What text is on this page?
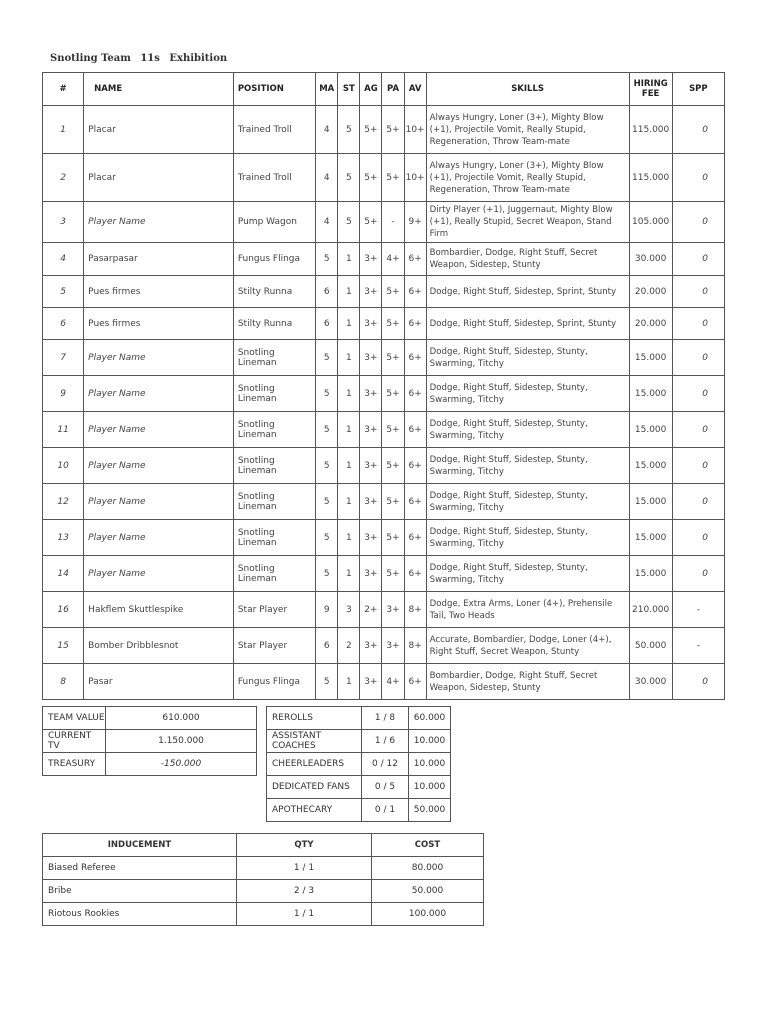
Snotling Team 11s Exhibition
#	NAME	POSITION	MA	ST	AG	PA	AV	SKILLS	HIRING FEE	SPP
1	Placar	Trained Troll	4	5	5+	5+	10+	Always Hungry, Loner (3+), Mighty Blow (+1), Projectile Vomit, Really Stupid, Regeneration, Throw Team-mate	115.000	0
2	Placar	Trained Troll	4	5	5+	5+	10+	Always Hungry, Loner (3+), Mighty Blow (+1), Projectile Vomit, Really Stupid, Regeneration, Throw Team-mate	115.000	0
3	Player Name	Pump Wagon	4	5	5+	-	9+	Dirty Player (+1), Juggernaut, Mighty Blow (+1), Really Stupid, Secret Weapon, Stand Firm	105.000	0
4	Pasarpasar	Fungus Flinga	5	1	3+	4+	6+	Bombardier, Dodge, Right Stuff, Secret Weapon, Sidestep, Stunty	30.000	0
5	Pues firmes	Stilty Runna	6	1	3+	5+	6+	Dodge, Right Stuff, Sidestep, Sprint, Stunty	20.000	0
6	Pues firmes	Stilty Runna	6	1	3+	5+	6+	Dodge, Right Stuff, Sidestep, Sprint, Stunty	20.000	0
7	Player Name	Snotling Lineman	5	1	3+	5+	6+	Dodge, Right Stuff, Sidestep, Stunty, Swarming, Titchy	15.000	0
9	Player Name	Snotling Lineman	5	1	3+	5+	6+	Dodge, Right Stuff, Sidestep, Stunty, Swarming, Titchy	15.000	0
11	Player Name	Snotling Lineman	5	1	3+	5+	6+	Dodge, Right Stuff, Sidestep, Stunty, Swarming, Titchy	15.000	0
10	Player Name	Snotling Lineman	5	1	3+	5+	6+	Dodge, Right Stuff, Sidestep, Stunty, Swarming, Titchy	15.000	0
12	Player Name	Snotling Lineman	5	1	3+	5+	6+	Dodge, Right Stuff, Sidestep, Stunty, Swarming, Titchy	15.000	0
13	Player Name	Snotling Lineman	5	1	3+	5+	6+	Dodge, Right Stuff, Sidestep, Stunty, Swarming, Titchy	15.000	0
14	Player Name	Snotling Lineman	5	1	3+	5+	6+	Dodge, Right Stuff, Sidestep, Stunty, Swarming, Titchy	15.000	0
16	Hakflem Skuttlespike	Star Player	9	3	2+	3+	8+	Dodge, Extra Arms, Loner (4+), Prehensile Tail, Two Heads	210.000	-
15	Bomber Dribblesnot	Star Player	6	2	3+	3+	8+	Accurate, Bombardier, Dodge, Loner (4+), Right Stuff, Secret Weapon, Stunty	50.000	-
8	Pasar	Fungus Flinga	5	1	3+	4+	6+	Bombardier, Dodge, Right Stuff, Secret Weapon, Sidestep, Stunty	30.000	0
TEAM VALUE	610.000
CURRENT TV	1.150.000
TREASURY	-150.000
REROLLS	1 / 8	60.000
ASSISTANT COACHES	1 / 6	10.000
CHEERLEADERS	0 / 12	10.000
DEDICATED FANS	0 / 5	10.000
APOTHECARY	0 / 1	50.000
INDUCEMENT	QTY	COST
Biased Referee	1 / 1	80.000
Bribe	2 / 3	50.000
Riotous Rookies	1 / 1	100.000
